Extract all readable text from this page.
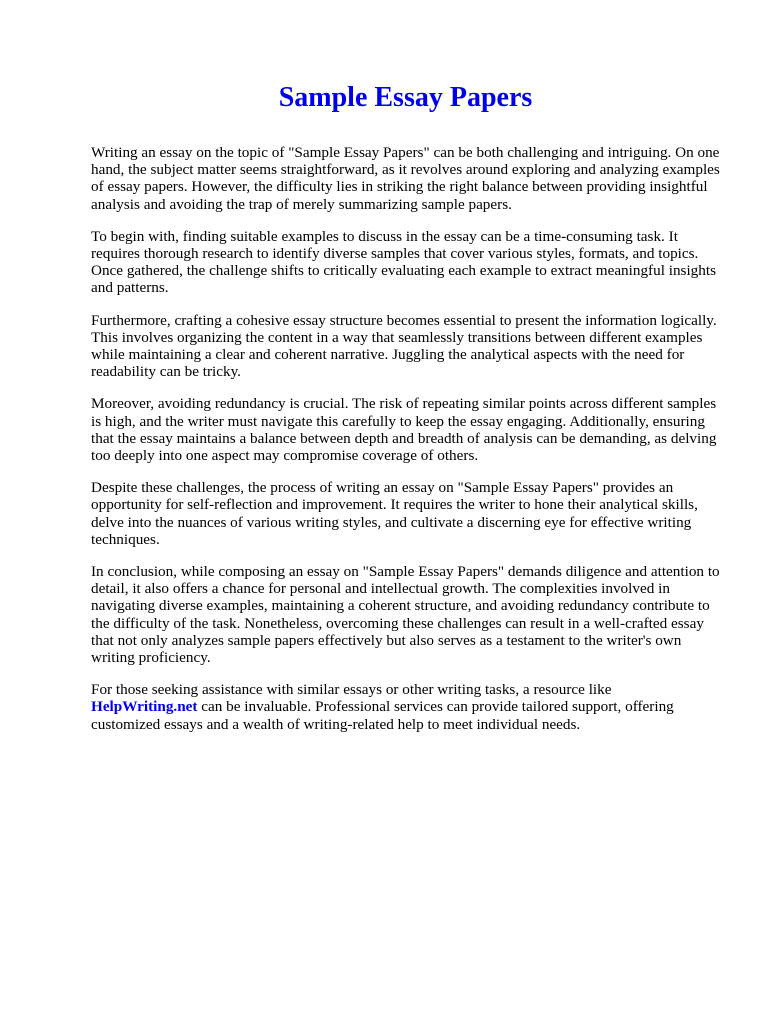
Sample Essay Papers

Writing an essay on the topic of "Sample Essay Papers" can be both challenging and intriguing. On one hand, the subject matter seems straightforward, as it revolves around exploring and analyzing examples of essay papers. However, the difficulty lies in striking the right balance between providing insightful analysis and avoiding the trap of merely summarizing sample papers.

To begin with, finding suitable examples to discuss in the essay can be a time-consuming task. It requires thorough research to identify diverse samples that cover various styles, formats, and topics. Once gathered, the challenge shifts to critically evaluating each example to extract meaningful insights and patterns.

Furthermore, crafting a cohesive essay structure becomes essential to present the information logically. This involves organizing the content in a way that seamlessly transitions between different examples while maintaining a clear and coherent narrative. Juggling the analytical aspects with the need for readability can be tricky.

Moreover, avoiding redundancy is crucial. The risk of repeating similar points across different samples is high, and the writer must navigate this carefully to keep the essay engaging. Additionally, ensuring that the essay maintains a balance between depth and breadth of analysis can be demanding, as delving too deeply into one aspect may compromise coverage of others.

Despite these challenges, the process of writing an essay on "Sample Essay Papers" provides an opportunity for self-reflection and improvement. It requires the writer to hone their analytical skills, delve into the nuances of various writing styles, and cultivate a discerning eye for effective writing techniques.

In conclusion, while composing an essay on "Sample Essay Papers" demands diligence and attention to detail, it also offers a chance for personal and intellectual growth. The complexities involved in navigating diverse examples, maintaining a coherent structure, and avoiding redundancy contribute to the difficulty of the task. Nonetheless, overcoming these challenges can result in a well-crafted essay that not only analyzes sample papers effectively but also serves as a testament to the writer's own writing proficiency.

For those seeking assistance with similar essays or other writing tasks, a resource like HelpWriting.net can be invaluable. Professional services can provide tailored support, offering customized essays and a wealth of writing-related help to meet individual needs.
